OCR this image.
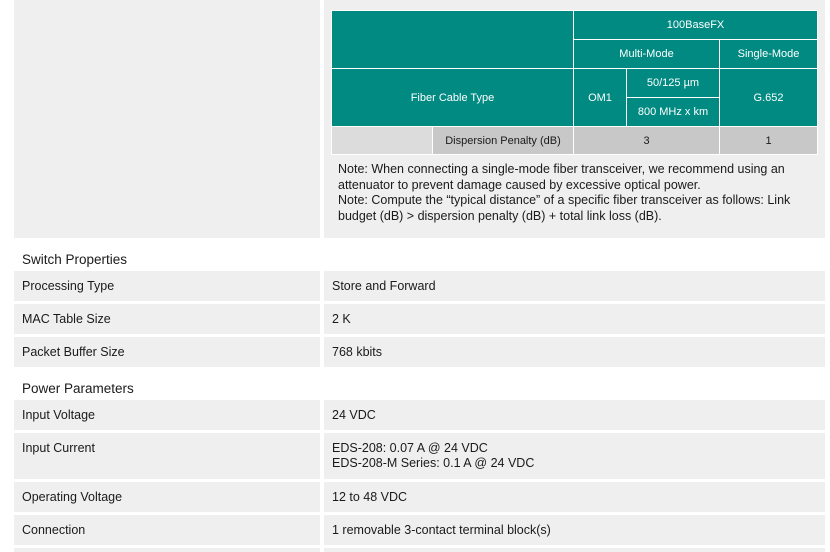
		100BaseFX		
		Multi-Mode		Single-Mode
Fiber Cable Type		OM1	50/125 µm	G.652
			800 MHz x km	
	Dispersion Penalty (dB)	3		1
Note: When connecting a single-mode fiber transceiver, we recommend using an attenuator to prevent damage caused by excessive optical power.
Note: Compute the “typical distance” of a specific fiber transceiver as follows: Link budget (dB) > dispersion penalty (dB) + total link loss (dB).
Switch Properties
Processing Type	Store and Forward
MAC Table Size	2 K
Packet Buffer Size	768 kbits
Power Parameters
Input Voltage	24 VDC
Input Current	EDS-208: 0.07 A @ 24 VDC
EDS-208-M Series: 0.1 A @ 24 VDC
Operating Voltage	12 to 48 VDC
Connection	1 removable 3-contact terminal block(s)
